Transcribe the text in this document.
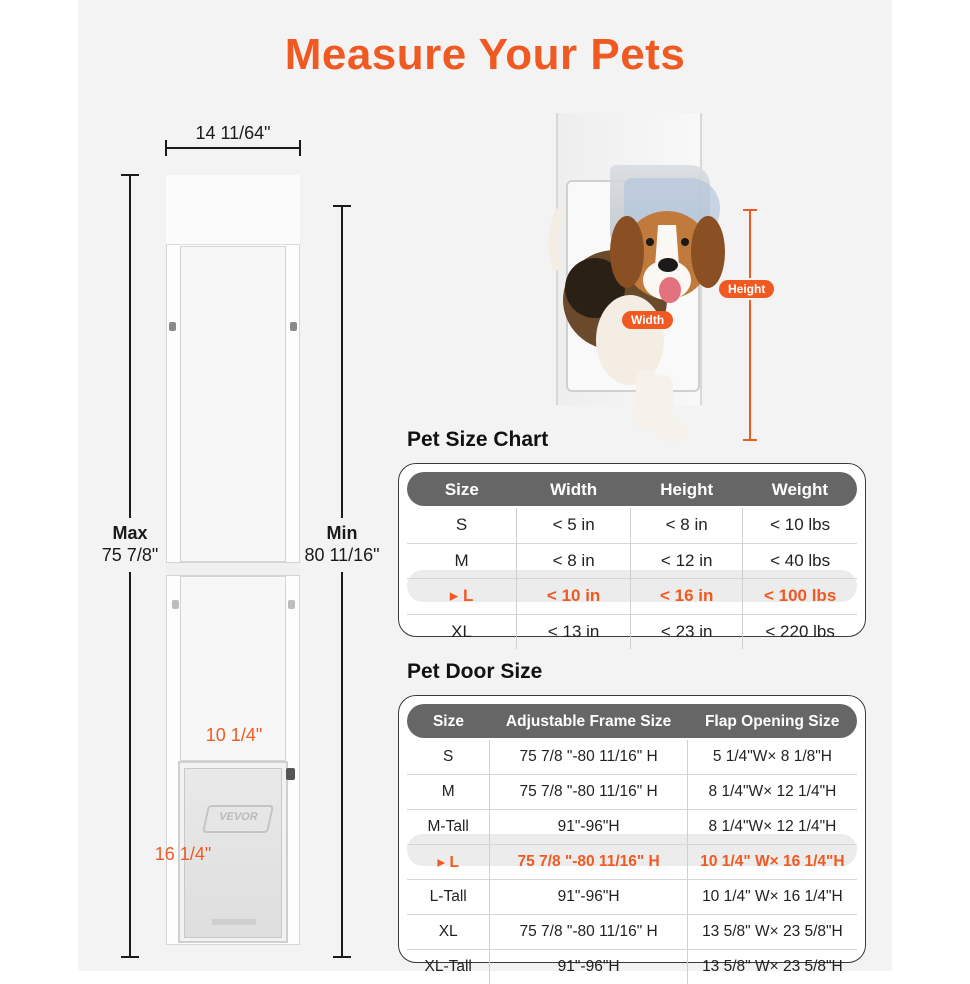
Measure Your Pets
14 11/64"
VEVOR
Max
75 7/8"
Min
80 11/16"
10 1/4"
16 1/4"
Height
Width
Pet Size Chart
Size	Width	Height	Weight
S	< 5 in	< 8 in	< 10 lbs
M	< 8 in	< 12 in	< 40 lbs
▸ L	< 10 in	< 16 in	< 100 lbs
XL	< 13 in	< 23 in	< 220 lbs
Pet Door Size
Size	Adjustable Frame Size	Flap Opening Size
S	75 7/8 "-80 11/16" H	5 1/4"W× 8 1/8"H
M	75 7/8 "-80 11/16" H	8 1/4"W× 12 1/4"H
M-Tall	91"-96"H	8 1/4"W× 12 1/4"H
▸ L	75 7/8 "-80 11/16" H	10 1/4" W× 16 1/4"H
L-Tall	91"-96"H	10 1/4" W× 16 1/4"H
XL	75 7/8 "-80 11/16" H	13 5/8" W× 23 5/8"H
XL-Tall	91"-96"H	13 5/8" W× 23 5/8"H
